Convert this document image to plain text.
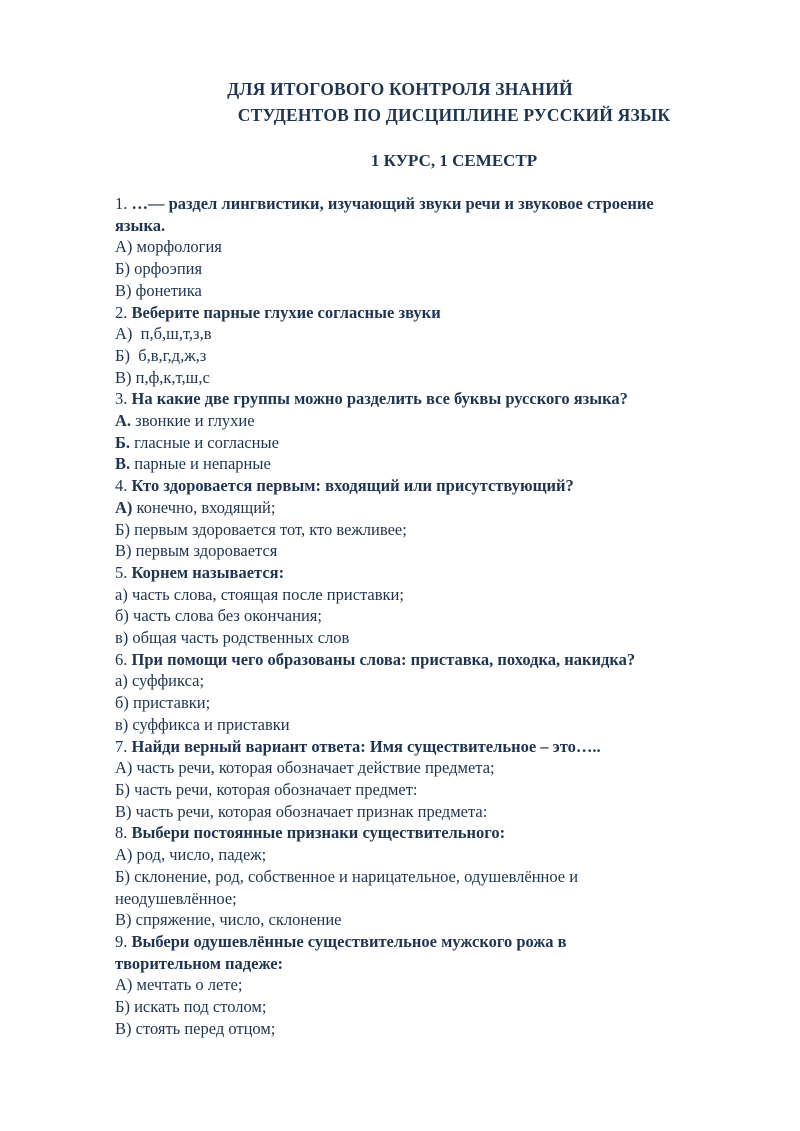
ДЛЯ ИТОГОВОГО КОНТРОЛЯ ЗНАНИЙ
СТУДЕНТОВ ПО ДИСЦИПЛИНЕ РУССКИЙ ЯЗЫК
1 КУРС, 1 СЕМЕСТР
1. …— раздел лингвистики, изучающий звуки речи и звуковое строение
языка.
А) морфология
Б) орфоэпия
В) фонетика
2. Веберите парные глухие согласные звуки
А)  п,б,ш,т,з,в
Б)  б,в,г,д,ж,з
В) п,ф,к,т,ш,с
3. На какие две группы можно разделить все буквы русского языка?
А. звонкие и глухие
Б. гласные и согласные
В. парные и непарные
4. Кто здоровается первым: входящий или присутствующий?
А) конечно, входящий;
Б) первым здоровается тот, кто вежливее;
В) первым здоровается
5. Корнем называется:
а) часть слова, стоящая после приставки;
б) часть слова без окончания;
в) общая часть родственных слов
6. При помощи чего образованы слова: приставка, походка, накидка?
а) суффикса;
б) приставки;
в) суффикса и приставки
7. Найди верный вариант ответа: Имя существительное – это…..
А) часть речи, которая обозначает действие предмета;
Б) часть речи, которая обозначает предмет:
В) часть речи, которая обозначает признак предмета:
8. Выбери постоянные признаки существительного:
А) род, число, падеж;
Б) склонение, род, собственное и нарицательное, одушевлённое и
неодушевлённое;
В) спряжение, число, склонение
9. Выбери одушевлённые существительное мужского рожа в
творительном падеже:
А) мечтать о лете;
Б) искать под столом;
В) стоять перед отцом;
